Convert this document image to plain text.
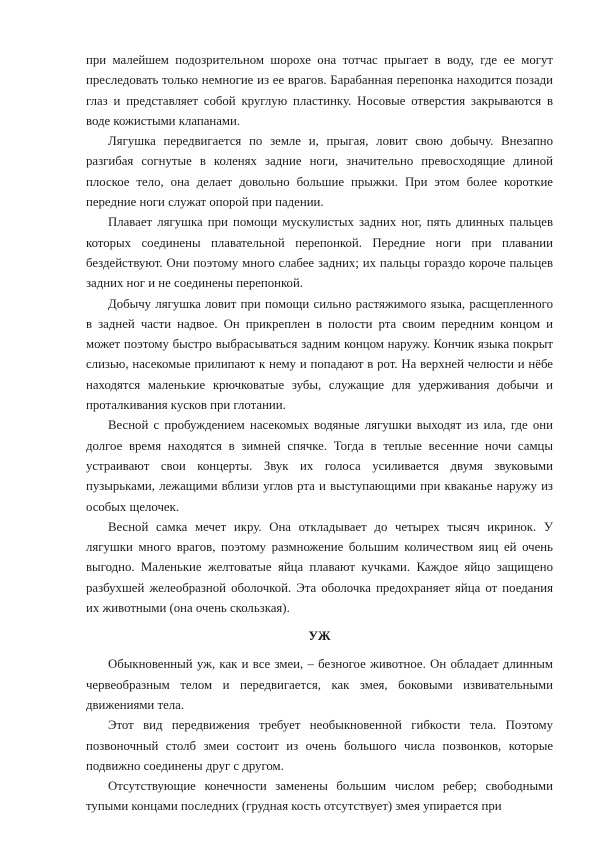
при малейшем подозрительном шорохе она тотчас прыгает в воду, где ее могут преследовать только немногие из ее врагов. Барабанная перепонка находится позади глаз и представляет собой круглую пластинку. Носовые отверстия закрываются в воде кожистыми клапанами.

Лягушка передвигается по земле и, прыгая, ловит свою добычу. Внезапно разгибая согнутые в коленях задние ноги, значительно превосходящие длиной плоское тело, она делает довольно большие прыжки. При этом более короткие передние ноги служат опорой при падении.

Плавает лягушка при помощи мускулистых задних ног, пять длинных пальцев которых соединены плавательной перепонкой. Передние ноги при плавании бездействуют. Они поэтому много слабее задних; их пальцы гораздо короче пальцев задних ног и не соединены перепонкой.

Добычу лягушка ловит при помощи сильно растяжимого языка, расщепленного в задней части надвое. Он прикреплен в полости рта своим передним концом и может поэтому быстро выбрасываться задним концом наружу. Кончик языка покрыт слизью, насекомые прилипают к нему и попадают в рот. На верхней челюсти и нёбе находятся маленькие крючковатые зубы, служащие для удерживания добычи и проталкивания кусков при глотании.

Весной с пробуждением насекомых водяные лягушки выходят из ила, где они долгое время находятся в зимней спячке. Тогда в теплые весенние ночи самцы устраивают свои концерты. Звук их голоса усиливается двумя звуковыми пузырьками, лежащими вблизи углов рта и выступающими при кваканье наружу из особых щелочек.

Весной самка мечет икру. Она откладывает до четырех тысяч икринок. У лягушки много врагов, поэтому размножение большим количеством яиц ей очень выгодно. Маленькие желтоватые яйца плавают кучками. Каждое яйцо защищено разбухшей желеобразной оболочкой. Эта оболочка предохраняет яйца от поедания их животными (она очень скользкая).

УЖ

Обыкновенный уж, как и все змеи, – безногое животное. Он обладает длинным червеобразным телом и передвигается, как змея, боковыми извивательными движениями тела.

Этот вид передвижения требует необыкновенной гибкости тела. Поэтому позвоночный столб змеи состоит из очень большого числа позвонков, которые подвижно соединены друг с другом.

Отсутствующие конечности заменены большим числом ребер; свободными тупыми концами последних (грудная кость отсутствует) змея упирается при
